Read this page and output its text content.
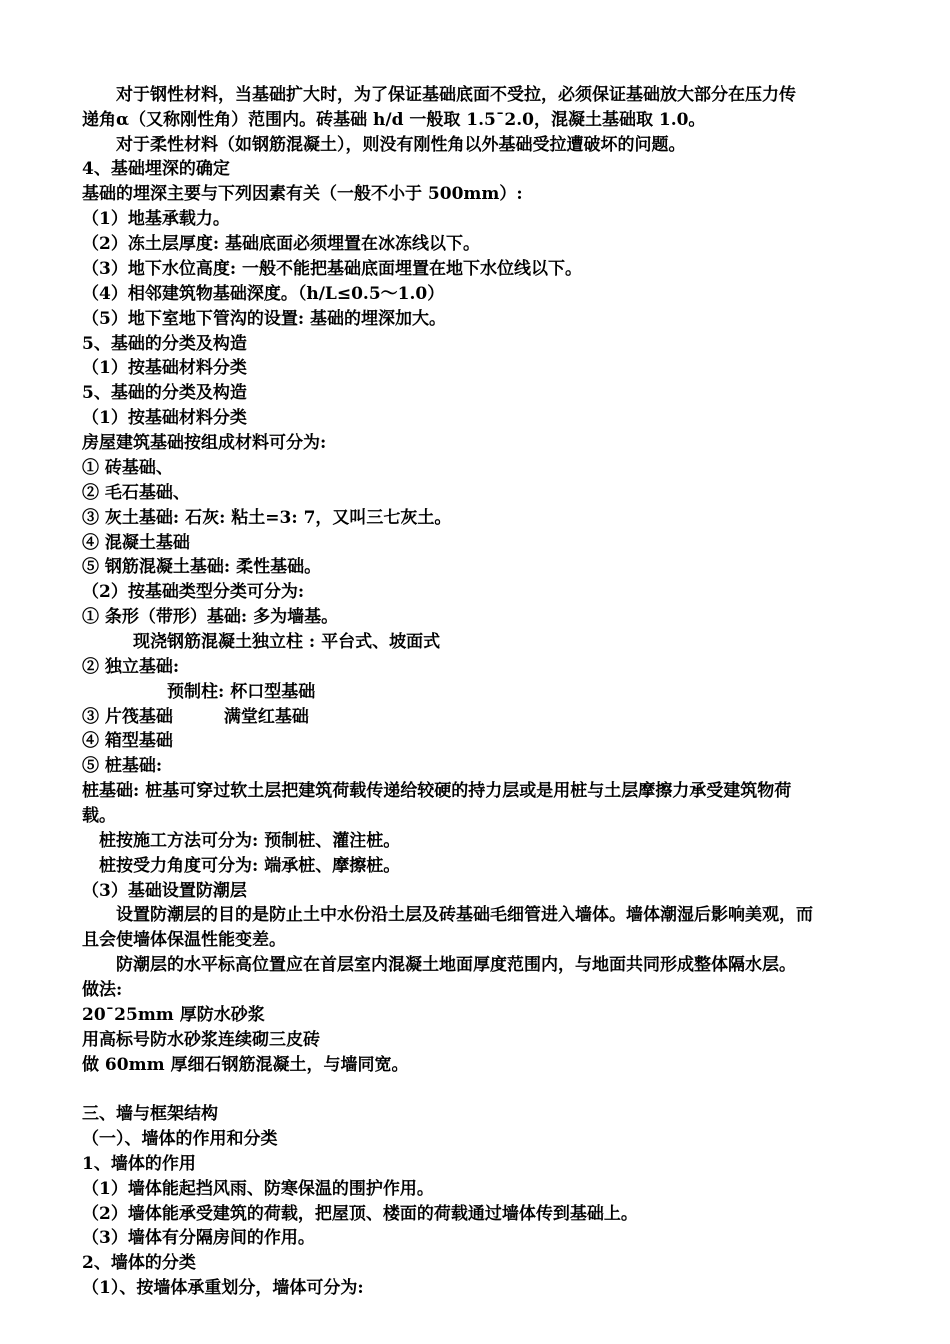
　　对于钢性材料，当基础扩大时，为了保证基础底面不受拉，必须保证基础放大部分在压力传
递角α（又称刚性角）范围内。砖基础 h/d 一般取 1.5¯2.0，混凝土基础取 1.0。
　　对于柔性材料（如钢筋混凝土），则没有刚性角以外基础受拉遭破坏的问题。
4、基础埋深的确定
基础的埋深主要与下列因素有关（一般不小于 500mm）:
（1）地基承载力。
（2）冻土层厚度: 基础底面必须埋置在冰冻线以下。
（3）地下水位高度: 一般不能把基础底面埋置在地下水位线以下。
（4）相邻建筑物基础深度。（h/L≤0.5～1.0）
（5）地下室地下管沟的设置: 基础的埋深加大。
5、基础的分类及构造
（1）按基础材料分类
5、基础的分类及构造
（1）按基础材料分类
房屋建筑基础按组成材料可分为:
① 砖基础、
② 毛石基础、
③ 灰土基础: 石灰: 粘土=3: 7，又叫三七灰土。
④ 混凝土基础
⑤ 钢筋混凝土基础: 柔性基础。
（2）按基础类型分类可分为:
① 条形（带形）基础: 多为墙基。
　　　现浇钢筋混凝土独立柱 : 平台式、坡面式
② 独立基础:
　　　　　预制柱: 杯口型基础
③ 片筏基础　　　满堂红基础
④ 箱型基础
⑤ 桩基础:
桩基础: 桩基可穿过软土层把建筑荷载传递给较硬的持力层或是用桩与土层摩擦力承受建筑物荷
载。
　桩按施工方法可分为: 预制桩、灌注桩。
　桩按受力角度可分为: 端承桩、摩擦桩。
（3）基础设置防潮层
　　设置防潮层的目的是防止土中水份沿土层及砖基础毛细管进入墙体。墙体潮湿后影响美观，而
且会使墙体保温性能变差。
　　防潮层的水平标高位置应在首层室内混凝土地面厚度范围内，与地面共同形成整体隔水层。
做法:
20¯25mm 厚防水砂浆
用高标号防水砂浆连续砌三皮砖
做 60mm 厚细石钢筋混凝土，与墙同宽。
三、墙与框架结构
（一）、墙体的作用和分类
1、墙体的作用
（1）墙体能起挡风雨、防寒保温的围护作用。
（2）墙体能承受建筑的荷载，把屋顶、楼面的荷载通过墙体传到基础上。
（3）墙体有分隔房间的作用。
2、墙体的分类
（1）、按墙体承重划分，墙体可分为:
